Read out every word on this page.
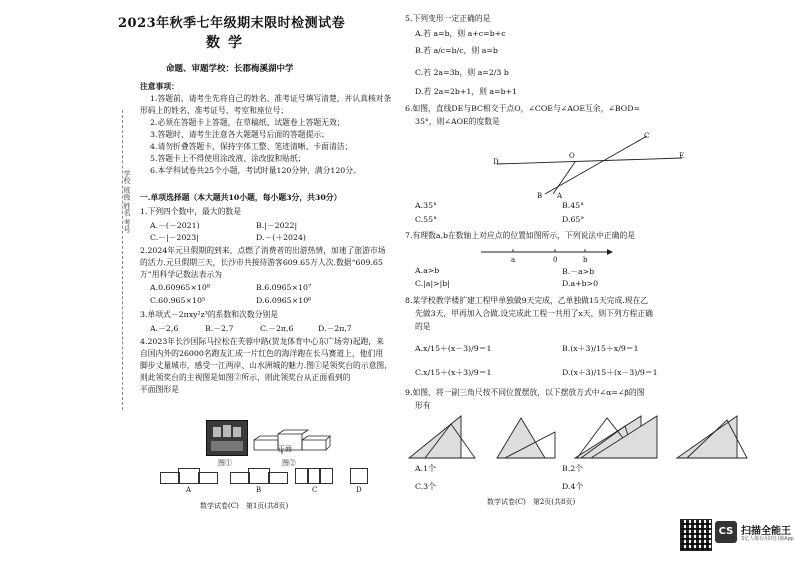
2023年秋季七年级期末限时检测试卷
数学
命题、审题学校：长郡梅溪湖中学
注意事项：
1.答题前，请考生先将自己的姓名、准考证号填写清楚，并认真核对条
形码上的姓名、准考证号、考室和座位号；
2.必须在答题卡上答题，在草稿纸、试题卷上答题无效；
3.答题时，请考生注意各大题题号后面的答题提示；
4.请勿折叠答题卡，保持字体工整、笔迹清晰、卡面清洁；
5.答题卡上不得使用涂改液、涂改胶和贴纸；
6.本学科试卷共25个小题，考试时量120分钟，满分120分。
学校 班级 姓名 考号	一.单项选择题（本大题共10小题，每小题3分，共30分）
1.下列四个数中，最大的数是
A.－(－2021)	B.|－2022|
C.－|－2023|	D.－(＋2024)
2.2024年元旦假期的到来，点燃了消费者的出游热情，加速了旅游市场
的活力.元旦假期三天，长沙市共接待游客609.65万人次.数据“609.65
万”用科学记数法表示为
A.0.60965×10⁸	B.6.0965×10⁷
C.60.965×10⁵	D.6.0965×10⁶
3.单项式－2πxy²z³的系数和次数分别是
A.－2,6	B.－2,7	C.－2π,6	D.－2π,7
4.2023年长沙国际马拉松在芙蓉中路(贺龙体育中心东广场旁)起跑，来
自国内外的26000名跑友汇成一片红色的海洋跑在长马赛道上，他们用
脚步丈量城市，感受一江两岸、山水洲城的魅力.图①是领奖台的示意图，
则此领奖台的主视图是如图②所示，则此领奖台从正面看到的
平面图形是
图①
正面
图②
A	B	C	D
数学试卷(C)　第1页(共8页)
5.下列变形一定正确的是
A.若 a=b，则 a+c=b+c
B.若 a/c=b/c，则 a=b
C.若 2a=3b，则 a=2/3 b
D.若 2a=2b+1，则 a=b+1
6.如图，直线DE与BC相交于点O，∠COE与∠AOE互余，∠BOD=
35°，则∠AOE的度数是
C
D
O	E
B A
A.35°	B.45°
C.55°	D.65°
7.有理数a,b在数轴上对应点的位置如图所示，下列说法中正确的是
a	0	b
A.a>b	B.－a>b
C.|a|>|b|	D.a+b>0
8.某学校教学楼扩建工程甲单独做9天完成，乙单独做15天完成.现在乙
先做3天，甲再加入合做.设完成此工程一共用了x天，则下列方程正确
的是
A.x/15＋(x－3)/9＝1	B.(x＋3)/15＋x/9＝1
C.x/15＋(x＋3)/9＝1	D.(x＋3)/15＋(x－3)/9＝1
9.如图，将一副三角尺按不同位置摆放，以下摆放方式中∠α=∠β的图
形有
A.1个	B.2个
C.3个	D.4个
数学试卷(C)　第2页(共8页)
CS 扫描全能王
3亿人都在用的扫描App
